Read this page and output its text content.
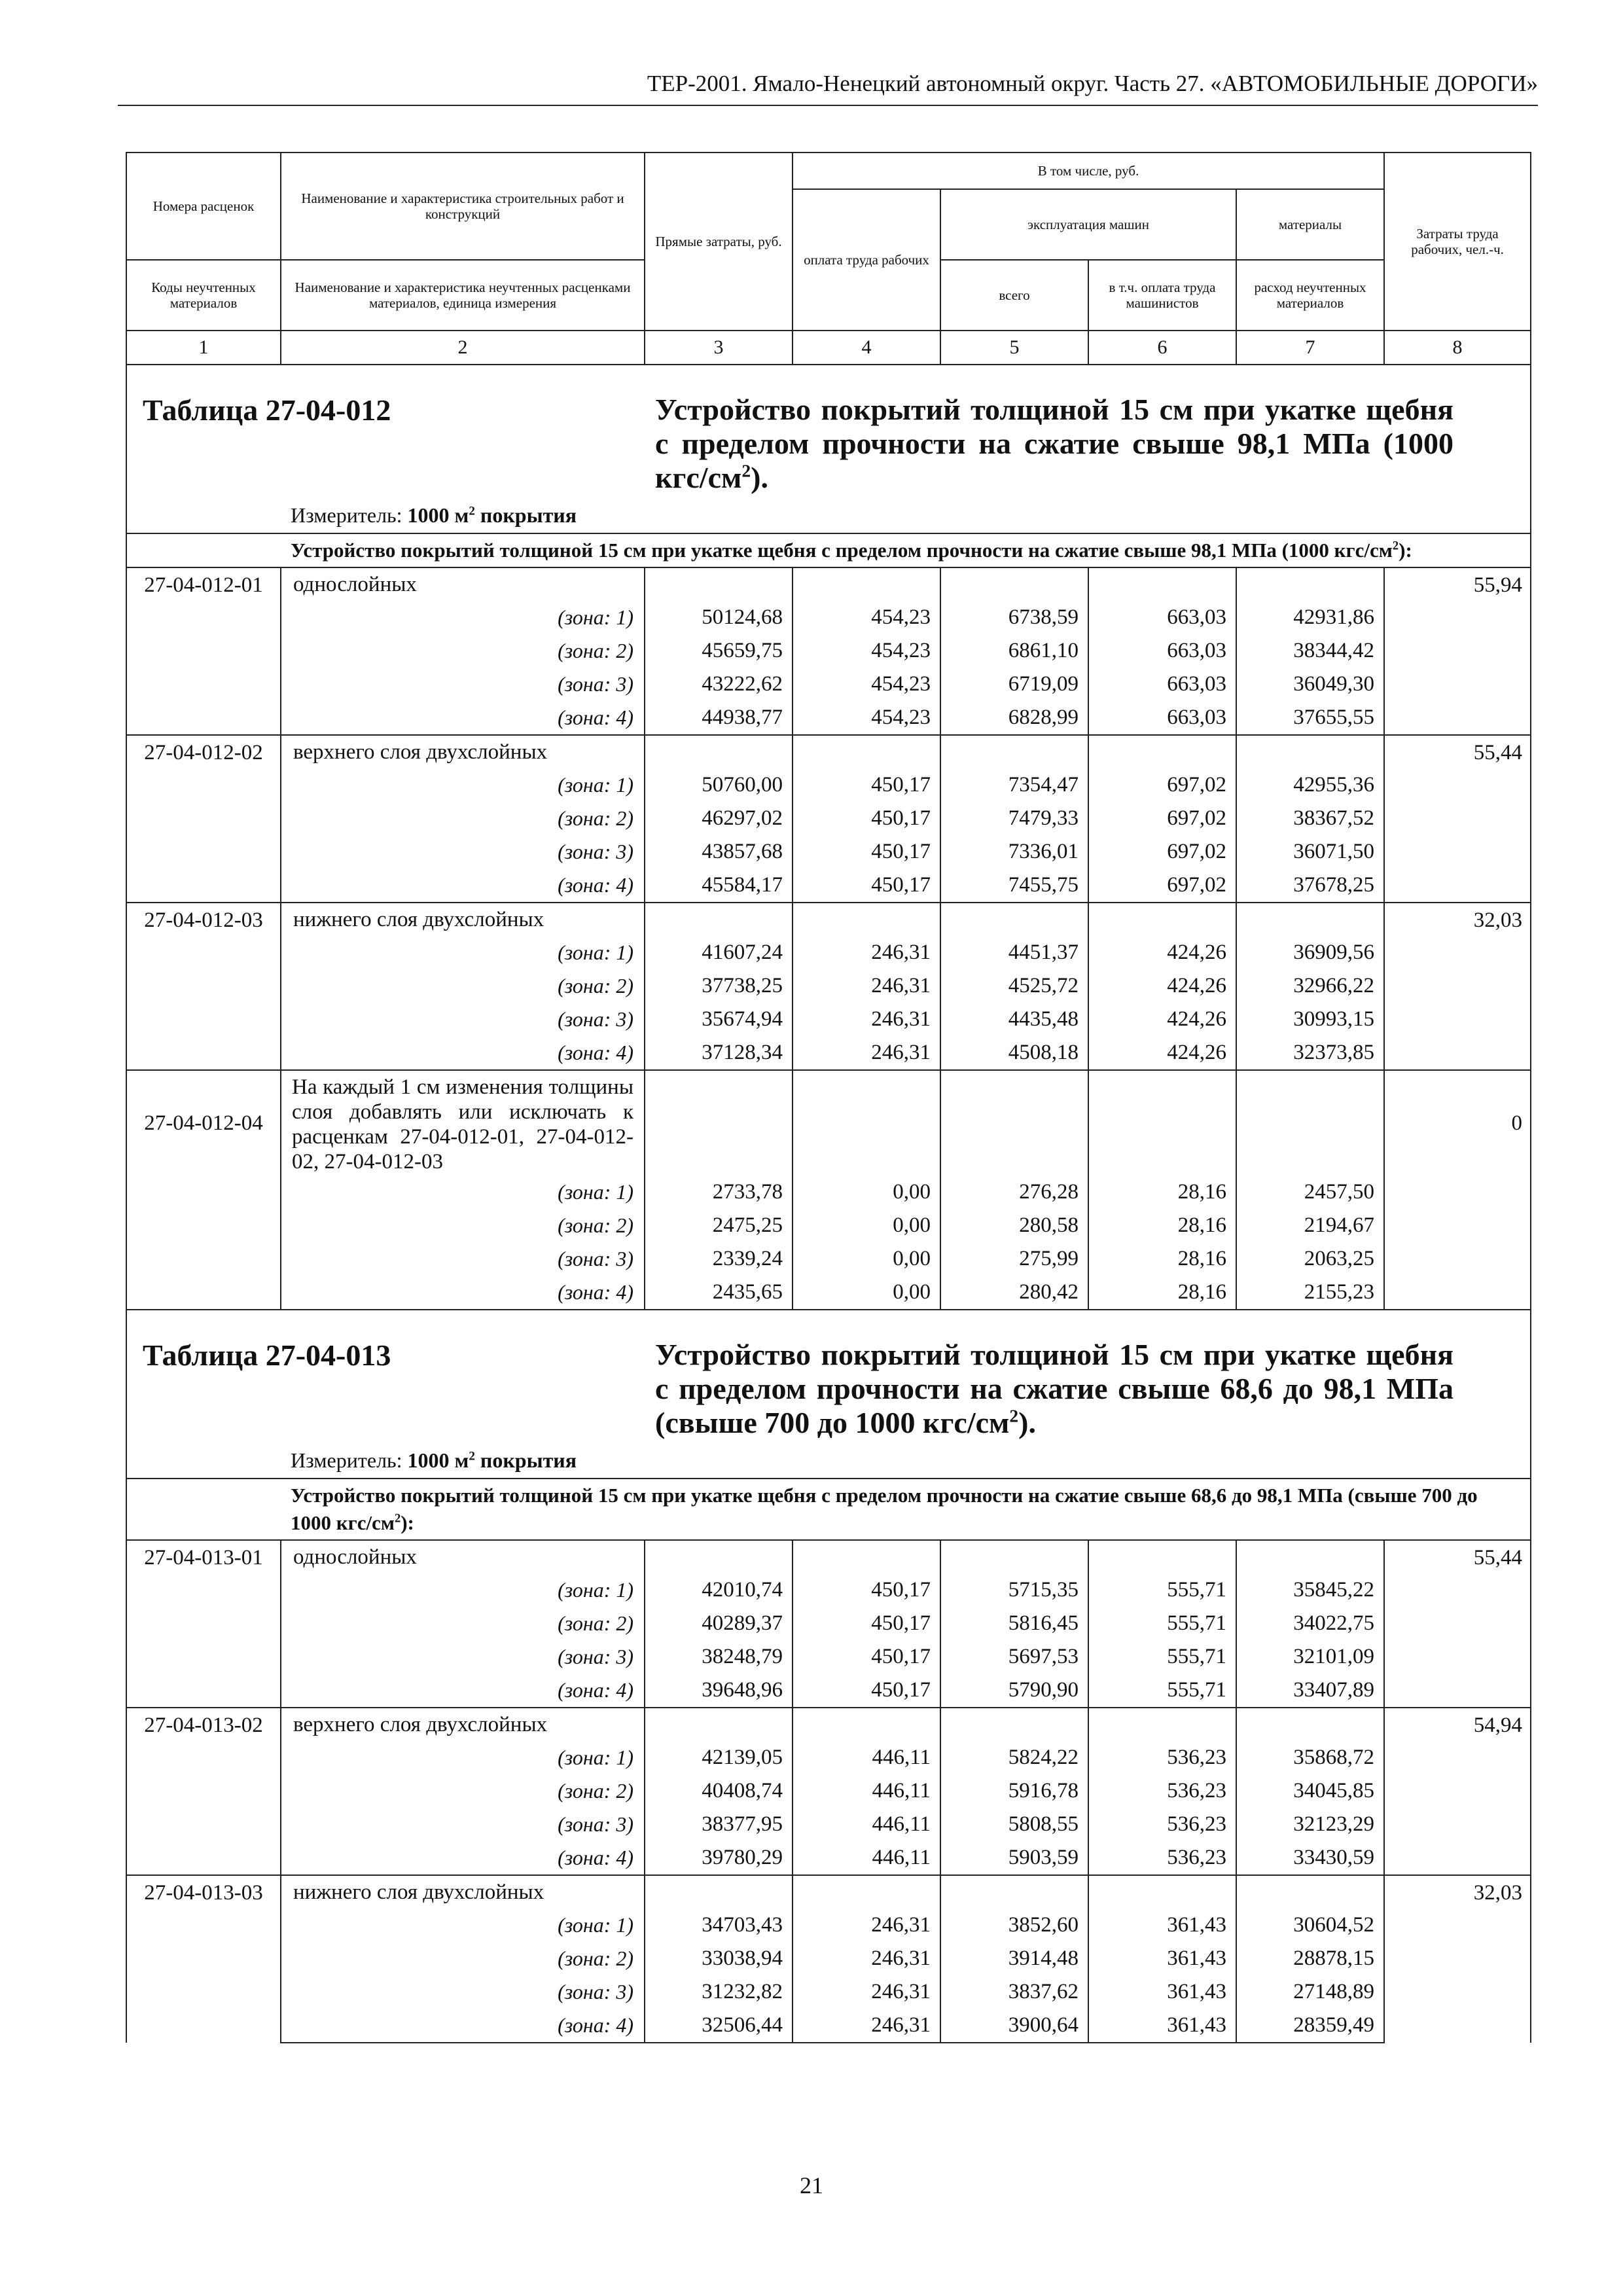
ТЕР-2001. Ямало-Ненецкий автономный округ. Часть 27. «АВТОМОБИЛЬНЫЕ ДОРОГИ»
Номера расценок	Наименование и характеристика строительных работ и конструкций	Прямые затраты, руб.	В том числе, руб.				Затраты труда рабочих, чел.-ч.
			оплата труда рабочих	эксплуатация машин		материалы	
Коды неучтенных материалов	Наименование и характеристика неучтенных расценками материалов, единица измерения			всего	в т.ч. оплата труда машинистов	расход неучтенных материалов	
1	2	3	4	5	6	7	8

Таблица 27-04-012 Устройство покрытий толщиной 15 см при укатке щебня с пределом прочности на сжатие свыше 98,1 МПа (1000 кгс/$см^2$).
Измеритель: 1000 $м^2$ покрытия							

Устройство покрытий толщиной 15 см при укатке щебня с пределом прочности на сжатие свыше 98,1 МПа (1000 кгс/$см^2$):							
27-04-012-01	однослойных						55,94
	(зона: 1)	50124,68	454,23	6738,59	663,03	42931,86	
	(зона: 2)	45659,75	454,23	6861,10	663,03	38344,42	
	(зона: 3)	43222,62	454,23	6719,09	663,03	36049,30	
	(зона: 4)	44938,77	454,23	6828,99	663,03	37655,55	
27-04-012-02	верхнего слоя двухслойных						55,44
	(зона: 1)	50760,00	450,17	7354,47	697,02	42955,36	
	(зона: 2)	46297,02	450,17	7479,33	697,02	38367,52	
	(зона: 3)	43857,68	450,17	7336,01	697,02	36071,50	
	(зона: 4)	45584,17	450,17	7455,75	697,02	37678,25	
27-04-012-03	нижнего слоя двухслойных						32,03
	(зона: 1)	41607,24	246,31	4451,37	424,26	36909,56	
	(зона: 2)	37738,25	246,31	4525,72	424,26	32966,22	
	(зона: 3)	35674,94	246,31	4435,48	424,26	30993,15	
	(зона: 4)	37128,34	246,31	4508,18	424,26	32373,85	
27-04-012-04	На каждый 1 см изменения толщины слоя добавлять или исключать к расценкам 27-04-012-01, 27-04-012-02, 27-04-012-03						0
	(зона: 1)	2733,78	0,00	276,28	28,16	2457,50	
	(зона: 2)	2475,25	0,00	280,58	28,16	2194,67	
	(зона: 3)	2339,24	0,00	275,99	28,16	2063,25	
	(зона: 4)	2435,65	0,00	280,42	28,16	2155,23	

Таблица 27-04-013 Устройство покрытий толщиной 15 см при укатке щебня с пределом прочности на сжатие свыше 68,6 до 98,1 МПа (свыше 700 до 1000 кгс/$см^2$).
Измеритель: 1000 $м^2$ покрытия							

Устройство покрытий толщиной 15 см при укатке щебня с пределом прочности на сжатие свыше 68,6 до 98,1 МПа (свыше 700 до 1000 кгс/$см^2$):							
27-04-013-01	однослойных						55,44
	(зона: 1)	42010,74	450,17	5715,35	555,71	35845,22	
	(зона: 2)	40289,37	450,17	5816,45	555,71	34022,75	
	(зона: 3)	38248,79	450,17	5697,53	555,71	32101,09	
	(зона: 4)	39648,96	450,17	5790,90	555,71	33407,89	
27-04-013-02	верхнего слоя двухслойных						54,94
	(зона: 1)	42139,05	446,11	5824,22	536,23	35868,72	
	(зона: 2)	40408,74	446,11	5916,78	536,23	34045,85	
	(зона: 3)	38377,95	446,11	5808,55	536,23	32123,29	
	(зона: 4)	39780,29	446,11	5903,59	536,23	33430,59	
27-04-013-03	нижнего слоя двухслойных						32,03
	(зона: 1)	34703,43	246,31	3852,60	361,43	30604,52	
	(зона: 2)	33038,94	246,31	3914,48	361,43	28878,15	
	(зона: 3)	31232,82	246,31	3837,62	361,43	27148,89	
	(зона: 4)	32506,44	246,31	3900,64	361,43	28359,49	
21
